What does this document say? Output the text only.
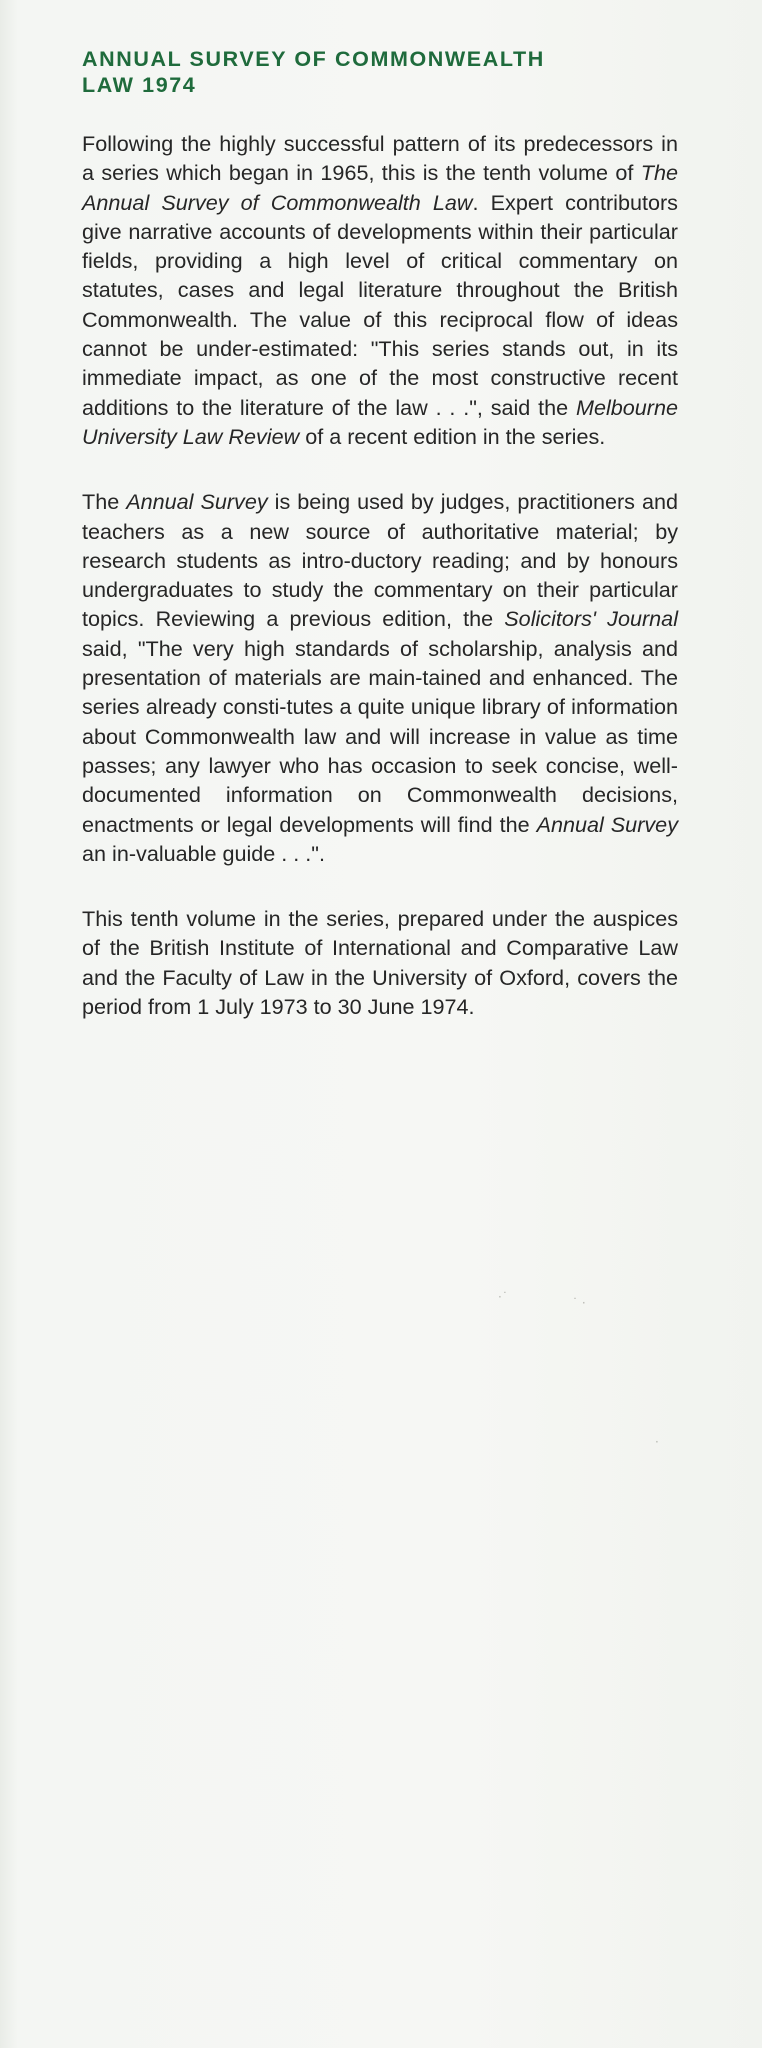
ANNUAL SURVEY OF COMMONWEALTH
LAW 1974

Following the highly successful pattern of its predecessors in a series which began in 1965, this is the tenth volume of The Annual Survey of Commonwealth Law. Expert contributors give narrative accounts of developments within their particular fields, providing a high level of critical commentary on statutes, cases and legal literature throughout the British Commonwealth. The value of this reciprocal flow of ideas cannot be under-estimated: "This series stands out, in its immediate impact, as one of the most constructive recent additions to the literature of the law . . .", said the Melbourne University Law Review of a recent edition in the series.

The Annual Survey is being used by judges, practitioners and teachers as a new source of authoritative material; by research students as intro-ductory reading; and by honours undergraduates to study the commentary on their particular topics. Reviewing a previous edition, the Solicitors' Journal said, "The very high standards of scholarship, analysis and presentation of materials are main-tained and enhanced. The series already consti-tutes a quite unique library of information about Commonwealth law and will increase in value as time passes; any lawyer who has occasion to seek concise, well-documented information on Commonwealth decisions, enactments or legal developments will find the Annual Survey an in-valuable guide . . .".

This tenth volume in the series, prepared under the auspices of the British Institute of International and Comparative Law and the Faculty of Law in the University of Oxford, covers the period from 1 July 1973 to 30 June 1974.

·˙	˙ ·
·
